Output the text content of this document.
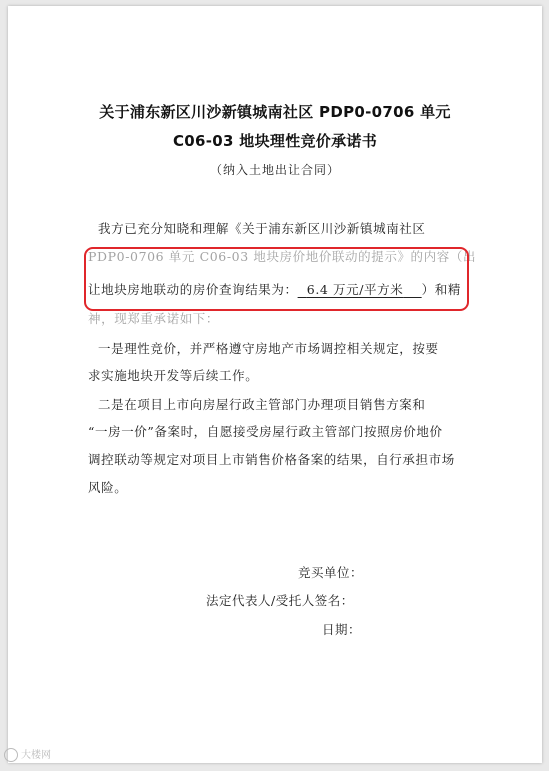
关于浦东新区川沙新镇城南社区 PDP0-0706 单元
C06-03 地块理性竞价承诺书
（纳入土地出让合同）
我方已充分知晓和理解《关于浦东新区川沙新镇城南社区
PDP0-0706 单元 C06-03 地块房价地价联动的提示》的内容（出
让地块房地联动的房价查询结果为： 6.4 万元/平方米 ）和精
神，现郑重承诺如下：
一是理性竞价，并严格遵守房地产市场调控相关规定，按要
求实施地块开发等后续工作。
二是在项目上市向房屋行政主管部门办理项目销售方案和
“一房一价”备案时，自愿接受房屋行政主管部门按照房价地价
调控联动等规定对项目上市销售价格备案的结果，自行承担市场
风险。
竞买单位：
法定代表人/受托人签名：
日期：
大楼网
